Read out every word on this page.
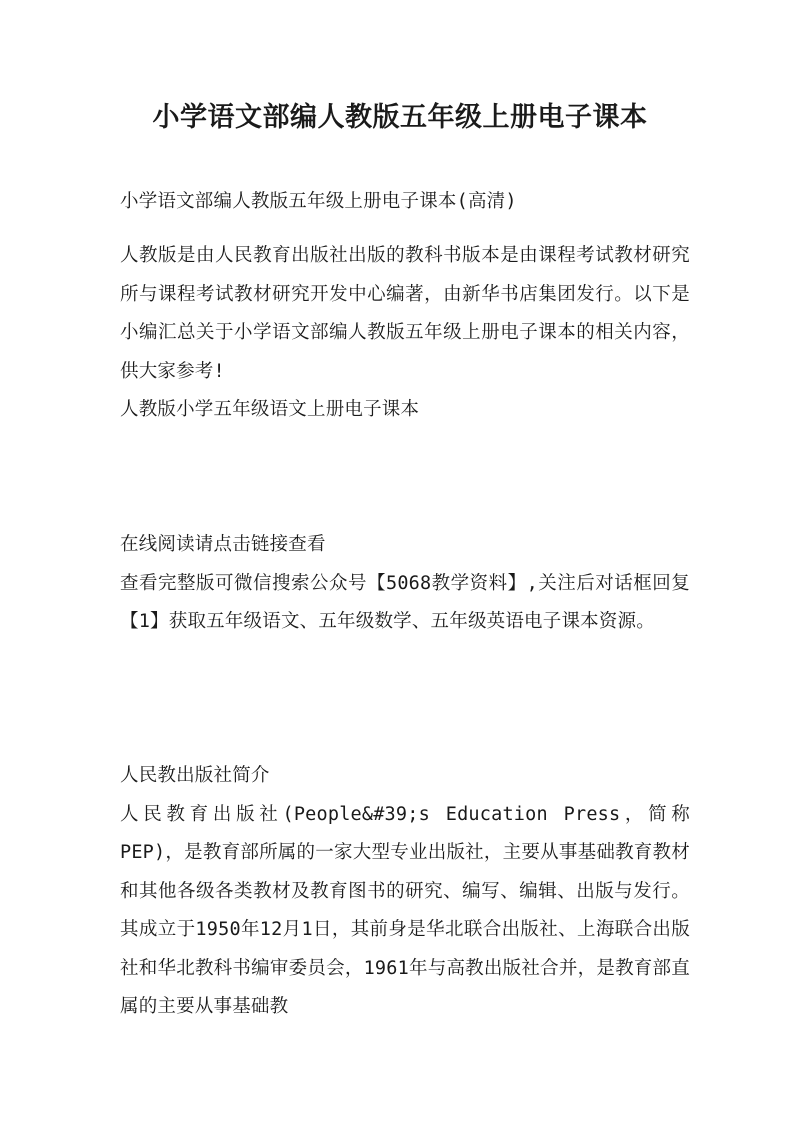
小学语文部编人教版五年级上册电子课本

小学语文部编人教版五年级上册电子课本(高清)

人教版是由人民教育出版社出版的教科书版本是由课程考试教材研究所与课程考试教材研究开发中心编著，由新华书店集团发行。以下是小编汇总关于小学语文部编人教版五年级上册电子课本的相关内容，供大家参考!

人教版小学五年级语文上册电子课本

在线阅读请点击链接查看

查看完整版可微信搜索公众号【5068教学资料】,关注后对话框回复【1】获取五年级语文、五年级数学、五年级英语电子课本资源。

人民教出版社简介

人民教育出版社(People&#39;s Education Press，简称PEP)，是教育部所属的一家大型专业出版社，主要从事基础教育教材和其他各级各类教材及教育图书的研究、编写、编辑、出版与发行。其成立于1950年12月1日，其前身是华北联合出版社、上海联合出版社和华北教科书编审委员会，1961年与高教出版社合并，是教育部直属的主要从事基础教
